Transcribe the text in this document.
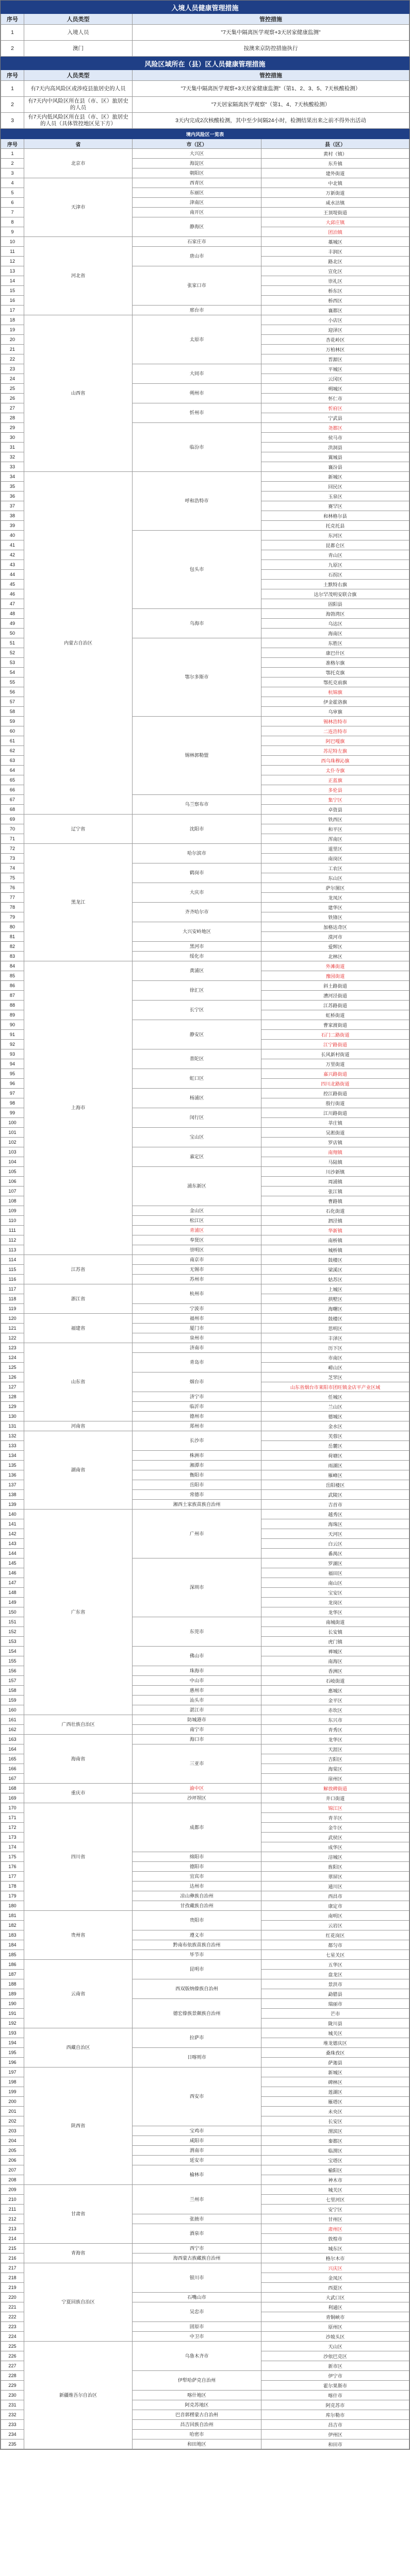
入境人员健康管理措施		
序号	人员类型	管控措施
1	入境人员	"7天集中隔离医学观察+3天居家健康监测"
2	澳门	按澳来京防控措施执行
风险区域所在（县）区人员健康管理措施		
序号	人员类型	管控措施
1	有7天内高风险区或涉疫县旅居史的人员	"7天集中隔离医学观察+3天居家健康监测"（第1、2、3、5、7天核酸检测）
2	有7天内中风险区所在县（市、区）旅居史的人员	"7天居家隔离医学观察"（第1、4、7天核酸检测）
3	有7天内低风险区所在县（市、区）旅居史的人员（具体管控地区见下方）	3天内完成2次核酸检测，其中至少间隔24小时，检测结果出来之前不得外出活动
境内风险区一览表			
序号	省	市（区）	县（区）
1	北京市	大兴区	黄村（镇）
2		海淀区	东升镇
3		朝阳区	建外街道
4	天津市	西青区	中北镇
5		东丽区	万新街道
6		津南区	咸水沽镇
7		南开区	王顶堤街道
8		静海区	大邱庄镇
9			团泊镇
10	河北省	石家庄市	藁城区
11		唐山市	丰润区
12			路北区
13		张家口市	宣化区
14			崇礼区
15			桥东区
16			桥西区
17		邢台市	襄都区
18	山西省	太原市	小店区
19			迎泽区
20			杏花岭区
21			万柏林区
22			晋源区
23		大同市	平城区
24			云冈区
25		朔州市	朔城区
26			怀仁市
27		忻州市	忻府区
28			宁武县
29		临汾市	尧都区
30			侯马市
31			洪洞县
32			翼城县
33			襄汾县
34	内蒙古自治区	呼和浩特市	新城区
35			回民区
36			玉泉区
37			赛罕区
38			和林格尔县
39			托克托县
40		包头市	东河区
41			昆都仑区
42			青山区
43			九原区
44			石拐区
45			土默特右旗
46			达尔罕茂明安联合旗
47			固阳县
48		乌海市	海勃湾区
49			乌达区
50			海南区
51		鄂尔多斯市	东胜区
52			康巴什区
53			准格尔旗
54			鄂托克旗
55			鄂托克前旗
56			杭锦旗
57			伊金霍洛旗
58			乌审旗
59		锡林郭勒盟	锡林浩特市
60			二连浩特市
61			阿巴嘎旗
62			苏尼特左旗
63			西乌珠穆沁旗
64			太仆寺旗
65			正蓝旗
66			多伦县
67		乌兰察布市	集宁区
68			卓资县
69	辽宁省	沈阳市	铁西区
70			和平区
71			浑南区
72	黑龙江	哈尔滨市	道里区
73			南岗区
74		鹤岗市	工农区
75			东山区
76		大庆市	萨尔图区
77			龙凤区
78		齐齐哈尔市	建华区
79			铁锋区
80		大兴安岭地区	加格达奇区
81			漠河市
82		黑河市	爱辉区
83		绥化市	北林区
84	上海市	黄浦区	外滩街道
85			豫园街道
86		徐汇区	斜土路街道
87			漕河泾街道
88		长宁区	江苏路街道
89			虹桥街道
90		静安区	曹家渡街道
91			石门二路街道
92			江宁路街道
93		普陀区	长风新村街道
94			万里街道
95		虹口区	嘉兴路街道
96			四川北路街道
97		杨浦区	控江路街道
98			殷行街道
99		闵行区	江川路街道
100			莘庄镇
101		宝山区	吴淞街道
102			罗店镇
103		嘉定区	南翔镇
104			马陆镇
105		浦东新区	川沙新镇
106			周浦镇
107			张江镇
108			曹路镇
109		金山区	石化街道
110		松江区	泗泾镇
111		青浦区	华新镇
112		奉贤区	南桥镇
113		崇明区	城桥镇
114	江苏省	南京市	鼓楼区
115		无锡市	梁溪区
116		苏州市	姑苏区
117	浙江省	杭州市	上城区
118			拱墅区
119		宁波市	海曙区
120	福建省	福州市	鼓楼区
121		厦门市	思明区
122		泉州市	丰泽区
123	山东省	济南市	历下区
124		青岛市	市南区
125			崂山区
126		烟台市	芝罘区
127			山东省烟台市莱阳市团旺镇金店平产业区域
128		济宁市	任城区
129		临沂市	兰山区
130		德州市	德城区
131	河南省	郑州市	金水区
132	湖南省	长沙市	芙蓉区
133			岳麓区
134		株洲市	荷塘区
135		湘潭市	雨湖区
136		衡阳市	雁峰区
137		岳阳市	岳阳楼区
138		常德市	武陵区
139		湘西土家族苗族自治州	吉首市
140	广东省	广州市	越秀区
141			海珠区
142			天河区
143			白云区
144			番禺区
145		深圳市	罗湖区
146			福田区
147			南山区
148			宝安区
149			龙岗区
150			龙华区
151		东莞市	南城街道
152			长安镇
153			虎门镇
154		佛山市	禅城区
155			南海区
156		珠海市	香洲区
157		中山市	石岐街道
158		惠州市	惠城区
159		汕头市	金平区
160		湛江市	赤坎区
161	广西壮族自治区	防城港市	东兴市
162		南宁市	青秀区
163	海南省	海口市	龙华区
164		三亚市	天涯区
165			吉阳区
166			海棠区
167			崖州区
168	重庆市	渝中区	解放碑街道
169		沙坪坝区	井口街道
170	四川省	成都市	锦江区
171			青羊区
172			金牛区
173			武侯区
174			成华区
175		绵阳市	涪城区
176		德阳市	旌阳区
177		宜宾市	翠屏区
178		达州市	通川区
179		凉山彝族自治州	西昌市
180		甘孜藏族自治州	康定市
181	贵州省	贵阳市	南明区
182			云岩区
183		遵义市	红花岗区
184		黔南布依族苗族自治州	都匀市
185		毕节市	七星关区
186	云南省	昆明市	五华区
187			盘龙区
188		西双版纳傣族自治州	景洪市
189			勐腊县
190		德宏傣族景颇族自治州	瑞丽市
191			芒市
192			陇川县
193	西藏自治区	拉萨市	城关区
194			堆龙德庆区
195		日喀则市	桑珠孜区
196			萨迦县
197	陕西省	西安市	新城区
198			碑林区
199			莲湖区
200			雁塔区
201			未央区
202			长安区
203		宝鸡市	渭滨区
204		咸阳市	秦都区
205		渭南市	临渭区
206		延安市	宝塔区
207		榆林市	榆阳区
208			神木市
209	甘肃省	兰州市	城关区
210			七里河区
211			安宁区
212		张掖市	甘州区
213		酒泉市	肃州区
214			敦煌市
215	青海省	西宁市	城东区
216		海西蒙古族藏族自治州	格尔木市
217	宁夏回族自治区	银川市	兴庆区
218			金凤区
219			西夏区
220		石嘴山市	大武口区
221		吴忠市	利通区
222			青铜峡市
223		固原市	原州区
224		中卫市	沙坡头区
225	新疆维吾尔自治区	乌鲁木齐市	天山区
226			沙依巴克区
227			新市区
228		伊犁哈萨克自治州	伊宁市
229			霍尔果斯市
230		喀什地区	喀什市
231		阿克苏地区	阿克苏市
232		巴音郭楞蒙古自治州	库尔勒市
233		昌吉回族自治州	昌吉市
234		哈密市	伊州区
235		和田地区	和田市
